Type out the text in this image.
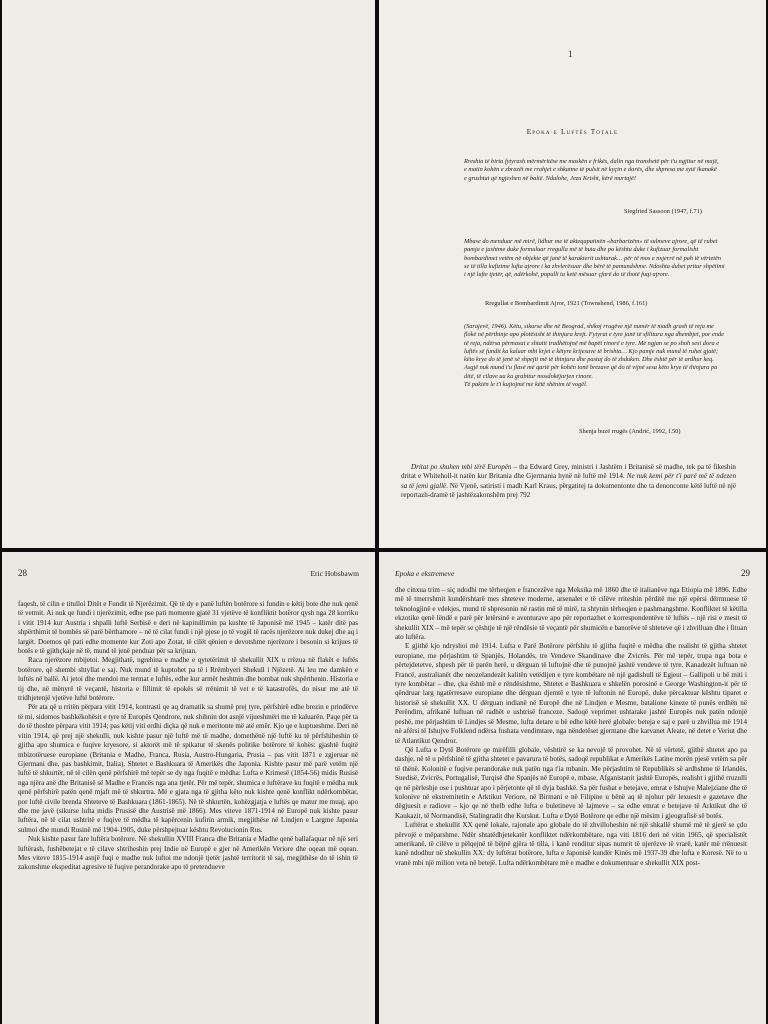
1
Epoka e Luftës Totale

Rreshta të birta fytyrash mërmëritëse me maskën e frikës, dalin nga transhetë për t'u ngjitur në majë, e matin kohën e zbrazët me rrahjet e shkatme të pulsit në kyçin e dorës, dhe shpresa me sytë ikanakë e grushtat që ngjeshen në baltë. Ndalohe, Jezu Krisht, kërë murtajë!

Siegfried Sassoon (1947, f.71)

Mbase do menduar më mirë, lidhur me të akteqapatinën «barbarizëm» të sulmeve ajrore, që të rubet pamja e jashtme duke formuluar rregulla më të buta dhe po kështu duke i kufizuar formalisht bombardimet vetëm në objekte që janë të karakterit ushtarak… për të mos e nxjerrë në pah të vërtetën se të tilla kufizime lufta ajrore i ka zhvlerësuar dhe bërë të pamundshme. Ndoshta duhet pritur shpëtimi i një lufte tjetër, që, ndërkohë, populli ta ketë mësuar çfarë do të thotë fuqi ajrore.

Rregullat e Bombardimit Ajror, 1921 (Townshend, 1986, f.161)

(Sarajevë, 1946). Këtu, sikurse dhe në Beograd, shikoj rrugëve një numër të madh grash të reja me flokë në përthinje apo plotësisht të thinjura krejt. Fytyrat e tyre janë të sfilitura nga dhembjet, por ende të reja, ndërsa përmasat e shtatit tradhëtojnë më bapët rinorë e tyre. Më ngjan se po shoh sesi dora e luftës së fundit ka kaluar mbi krjet e këtyre krijesave të brishta… Kjo pamje nuk mund të ruhet gjatë; këto krye do të jenë së shpejti më të thinjura dhe pastaj do të zhduken. Dhe është për të ardhur keq. Asgjë nuk mund t'u flasë më qartë për kohën tonë brezave që do të vijnë sesa këto kryе të thinjura pa ditë, të cilave ua ka grabitur mosdokëjarjen rinore.
Të paktën le t'i kujtojmë me këtë shënim të vogël.

Shenja buzë rrugës (Andrić, 1992, f.50)

Dritat po shuhen mbi tërë Europën – tha Edward Grey, ministri i Jashtëm i Britanisë së madhe, tek pa të fikeshin dritat e Whiteholl-it natën kur Britania dhe Gjermania hynë në luftë më 1914. Ne nuk kemi për t'i parë më të ndezen sa të jemi gjallë. Në Vjenë, satiristi i madh Karl Kraus, përgatitej ta dokumentonte dhe ta denonconte këtë luftë në një reportazh-dramë të jashtëzakonshëm prej 792

28	Eric Hobsbawm

faqesh, të cilin e titulloi Ditët e Fundit të Njerëzimit. Që të dy e panë luftën botërore si fundin e këtij bote dhe nuk qenë të vetmit. Ai nuk qe fundi i njerëzimit, edhe pse pati momente gjatë 31 vjetëve të konfliktit botëror qysh nga 28 korriku i vitit 1914 kur Austria i shpalli luftë Serbisë e deri në kapitullimin pa kushte të Japonisë më 1945 – katër ditë pas shpërthimit të bombës së parë bërthamore – në të cilat fundi i një pjese jo të vogël të racës njerëzore nuk dukej dhe aq i largët. Doemos që pati edhe momente kur Zoti apo Zotat, të cilët qënien e devotshme njerëzore i besonin si krijues të botës e të gjithçkaje në të, mund të jenë penduar për sa krijuan.

Raca njerëzore mbijetoi. Megjithatë, ngrehina e madhe e qytetërimit të shekullit XIX u rrëzua në flakët e luftës botërore, që shembi shtyllat e saj. Nuk mund të kuptohet pa të i Rrëmbyeri Shekull i Njëzetë. Ai leu me damkën e luftës në ballë. Ai jetoi dhe mendoi me termat e luftës, edhe kur armët heshtnin dhe bombat nuk shpërthenin. Historia e tij dhe, në mënyrë të veçantë, historia e fillimit të epokës së rrënimit të vet e të katastrofës, do nisur me atë të tridhjetenjë vjetëve luftë botërore.

Për ata që u rritën përpara vitit 1914, kontrasti qe aq dramatik sa shumë prej tyre, përfshirë edhe brezin e prindërve të mi, sidomos bashkëkohësit e tyre të Europës Qendrore, nuk shihnin dot asnjë vijueshmëri me të kaluarën. Paqe për ta do të thoshte përpara vitit 1914; pas këtij viti erdhi diçka që nuk e meritonte më atë emër. Kjo qe e kuptueshme. Deri në vitin 1914, që prej një shekulli, nuk kishte pasur një luftë më të madhe, domethënë një luftë ku të përfshiheshin të gjitha apo shumica e fuqive kryesore, si aktorët më të spikatur të skenës politike botërore të kohës: gjashtë fuqitë mbizotëruese europiane (Britania e Madhe, Franca, Rusia, Austro-Hungaria, Prusia – pas vitit 1871 e zgjeruar në Gjermani dhe, pas bashkimit, Italia), Shtetet e Bashkuara të Amerikës dhe Japonia. Kishte pasur më parë vetëm një luftë të shkurtër, në të cilën qenë përfshirë më tepër se dy nga fuqitë e mëdha: Lufta e Krimesë (1854-56) midis Rusisë nga njëra anë dhe Britanisë së Madhe e Francës nga ana tjetër. Për më tepër, shumica e luftërave ku fuqitë e mëdha nuk qenë përfshirë patën qenë mjaft më të shkurtra. Më e gjata nga të gjitha këto nuk kishte qenë konflikt ndërkombëtar, por luftë civile brenda Shteteve të Bashkuara (1861-1865). Në të shkurtën, kohëzgjatja e luftës qe matur me muaj, apo dhe me javë (sikurse lufta midis Prusisë dhe Austrisë më 1866). Mes viteve 1871-1914 në Europë nuk kishte pasur luftëra, në të cilat ushtritë e fuqive të mëdha të kapërcenin kufirin armik, megjithëse në Lindjen e Largme Japonia sulmoi dhe mundi Rusinë më 1904-1905, duke përshpejtuar kështu Revolucionin Rus.

Nuk kishte pasur fare luftëra botërore. Në shekullin XVIII Franca dhe Britania e Madhe qenë ballafaquar në një seri luftërash, fushëbetejat e të cilave shtriheshin prej Indie në Europë e gjer në Amerikën Veriore dhe oqean më oqean. Mes viteve 1815-1914 asnjë fuqi e madhe nuk luftoi me ndonjë tjetër jashtë territorit të saj, megjithëse do të ishin të zakonshme ekspeditat agresive të fuqive perandorake apo të pretendueve

Epoka e ekstremeve	29

dhe cinxua trim – siç ndodhi me tërheqjen e francezëve nga Meksika më 1860 dhe të italianëve nga Etiopia më 1896. Edhe më të tmerrshmit kundërshtarë mes shteteve moderne, arsenalet e të cilëve rriteshin përditë me një epërsi dërrmuese të teknologjinë e vdekjes, mund të shpresonin në rastin më të mirë, ta shtynin tërheqjen e pashmangshme. Konfliktet të këtilla ekzotike qenë lëndë e parë për letërsinë e aventurave apo për reportazhet e korrespondentëve të luftës – një risi e mesit të shekullit XIX – më tepër se çështje të një rëndësie të veçantë për shumicën e banorëve të shteteve që i zhvilluan dhe i fituan ato luftëra.

E gjithë kjo ndryshoi më 1914. Lufta e Parë Botërore përfshiu të gjitha fuqitë e mëdha dhe realisht të gjitha shtetet europiane, me përjashtim të Spanjës, Holandës, tre Vendeve Skandinave dhe Zvicrës. Për më tepër, trupa nga bota e përtejdetetve, shpesh për të parën herë, u dërguan të luftojnë dhe të punojnë jashtë vendeve të tyre. Kanadezët luftuan në Francë, australianët dhe neozelandezët kalitën vetëdijen e tyre kombëtare në një gadishull të Egjeut – Gallipoli u bë miti i tyre kombëtar – dhe, çka është më e rëndësishme, Shtetet e Bashkuara e shkelën porosinë e George Washington-it për të qëndruar larg ngatërresave europiane dhe dërguan djemtë e tyre të luftonin në Europë, duke përcaktuar kështu tiparet e historisë së shekullit XX. U dërguan indianë në Europë dhe në Lindjen e Mesme, batalione kineze të punës erdhën në Perëndim, afrikanë luftuan në radhët e ushtrisë franceze. Sadoqë veprimet ushtarake jashtë Europës nuk patën ndonjë peshë, me përjashtim të Lindjes së Mesme, lufta detare u bë edhe këtë herë globale: beteja e saj e parë u zhvillua më 1914 në afërsi të Ishujve Folklend ndërsa fushata vendimtare, nga nëndetëset gjermane dhe karvanet Aleate, në detet e Veriut dhe të Atlantikut Qendror.

Që Lufta e Dytë Botërore qe mirëfilli globale, vështirë se ka nevojë të provohet. Në të vërtetë, gjithë shtetet apo pa dashje, në të u përfshinë të gjitha shtetet e pavarura të botës, sadoqë republikat e Amerikës Latine morën pjesë vetëm sa për të thënë. Kolonitë e fuqive perandorake nuk patën nga t'ia mbanin. Me përjashtim të Republikës së ardhshme të Irlandës, Suedisë, Zvicrës, Portugalisë, Turqisë dhe Spanjës në Europë e, mbase, Afganistanit jashtë Europës, realisht i gjithë rruzulli qe në përleshje ose i pushtuar apo i përjetonte që të dyja bashkë. Sa për fushat e betejave, emrat e Ishujve Malejziane dhe të kolonive në ekstremitetin e Arktikut Veriore, në Birmani e në Filipine u bënë aq të njohur për lexuesit e gazetave dhe dëgjuesit e radiove – kjo qe në thelb edhe lufta e buletineve të lajmeve – sa edhe emrat e betejave të Arktikut dhe të Kaukazit, të Normandisë, Stalingradit dhe Kurskut. Lufta e Dytë Botërore qe edhe një mësim i gjeografisë së botës.

Luftërat e shekullit XX qenë lokale, rajonale apo globale do të zhvilloheshin në një shkallë shumë më të gjerë se çdo përvojë e mëparshme. Ndër shtatëdhjetekatër konfliktet ndërkombëtare, nga viti 1816 deri në vitin 1965, që specialistët amerikanë, të cilëve u pëlqejnë të bëjnë gjëra të tilla, i kanë renditur sipas numrit të njerëzve të vrarë, katër më rrënuesit kanë ndodhur në shekullin XX: dy luftërat botërore, lufta e Japonisë kundër Kinës më 1937-39 dhe lufta e Koresë. Në to u vranë mbi një milion veta në betejë. Lufta ndërkombëtare më e madhe e dokumentuar e shekullit XIX post-
